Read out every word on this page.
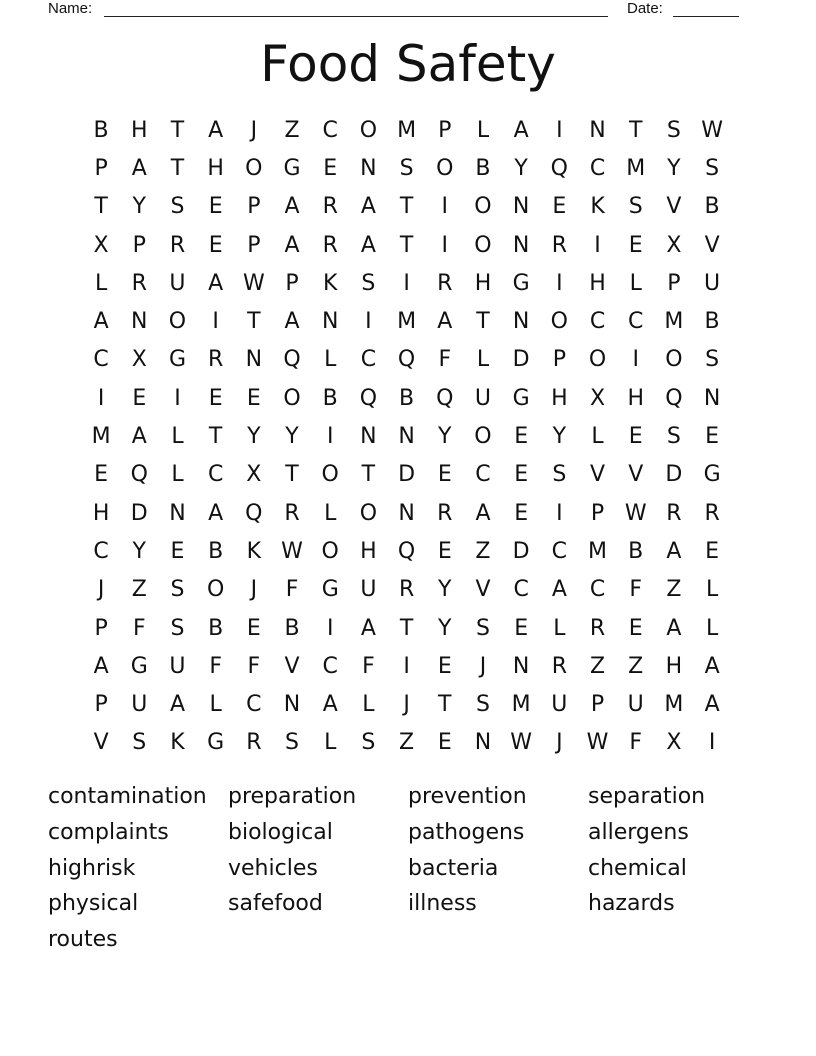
Name:	Date:
Food Safety
B	H	T	A	J	Z	C O M	P	L	A	I	N	T	S W
P	A	T	H O G	E	N	S	O B	Y	Q C M Y	S
T	Y	S	E	P	A	R	A	T	I	O N	E	K	S	V	B
X	P	R	E	P	A	R	A	T	I	O N	R	I	E	X	V
L	R	U	A W P	K	S	I	R	H G	I	H	L	P	U
A	N O	I	T	A	N	I	M A	T	N O C	C M B
C	X	G	R	N Q	L	C Q	F	L	D	P	O	I	O	S
I	E	I	E	E	O B Q B Q U G H	X	H Q N
M A	L	T	Y	Y	I	N N	Y	O	E	Y	L	E	S	E
E	Q	L	C	X	T	O	T	D	E	C	E	S	V	V	D G
H D N	A Q R	L	O N	R	A	E	I	P W R	R
C	Y	E	B	K W O H Q	E	Z	D	C M B	A	E
J	Z	S	O	J	F	G U	R	Y	V	C	A	C	F	Z	L
P	F	S	B	E	B	I	A	T	Y	S	E	L	R	E	A	L
A	G U	F	F	V	C	F	I	E	J	N	R	Z	Z	H	A
P	U	A	L	C	N	A	L	J	T	S M U	P	U M A
V	S	K	G	R	S	L	S	Z	E	N W	J	W F	X	I
contamination preparation	prevention	separation
complaints	biological	pathogens	allergens
highrisk	vehicles	bacteria	chemical
physical	safefood	illness	hazards
routes
